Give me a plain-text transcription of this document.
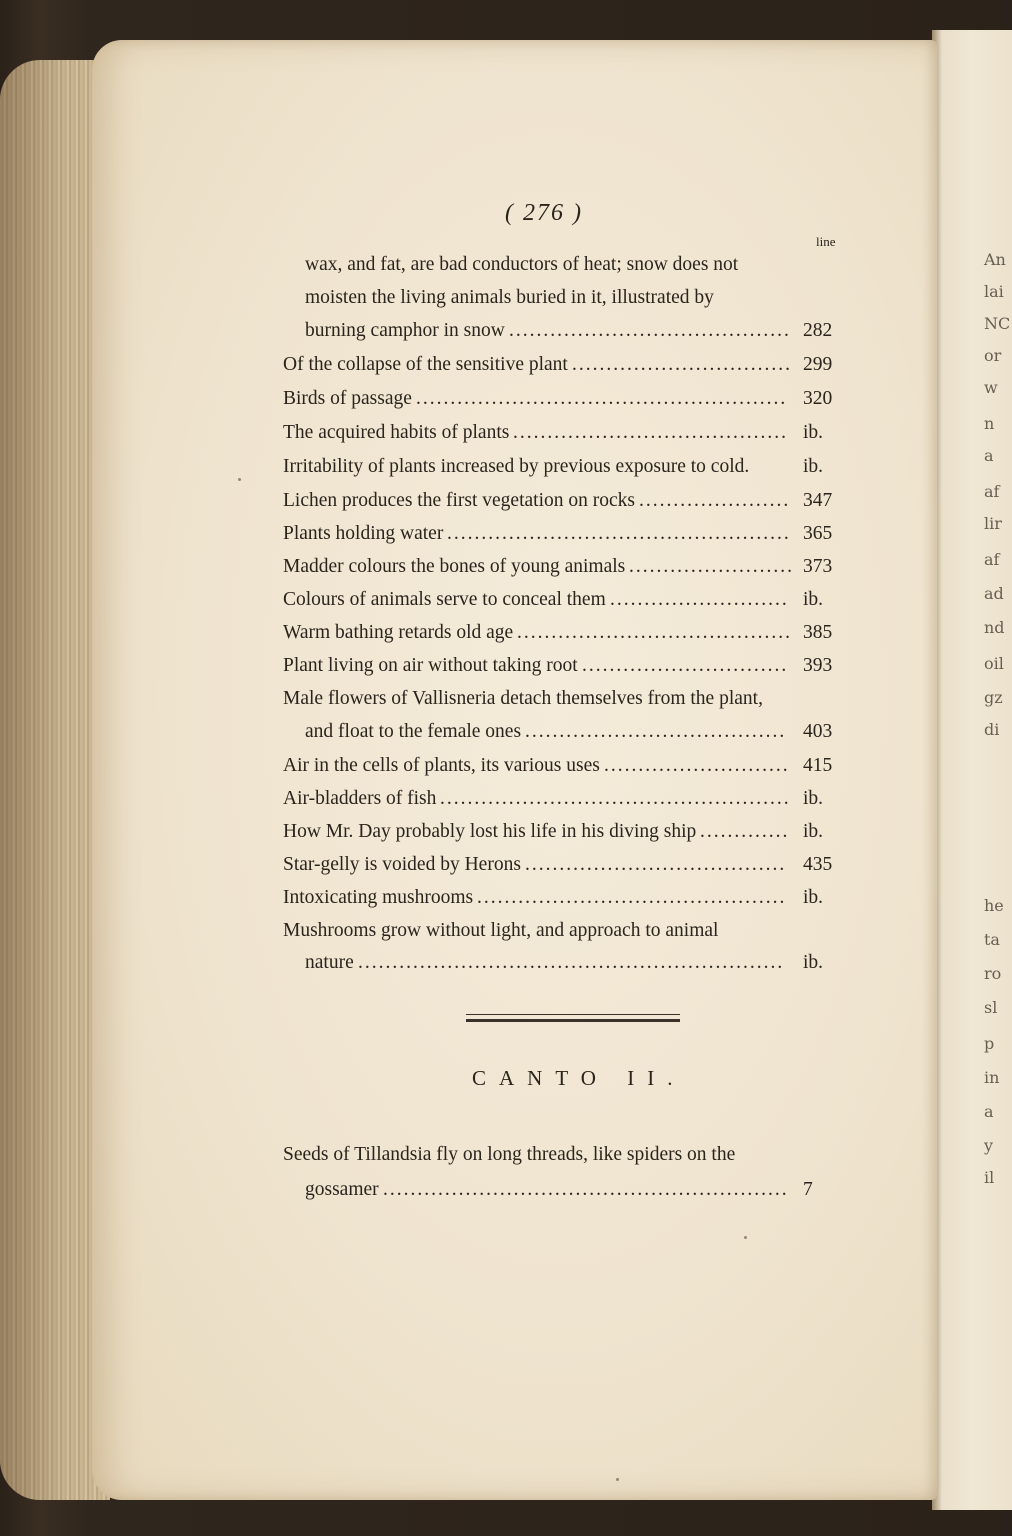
An
lai
NC
or
w
n
a
af
lir
af
ad
nd
oil
gz
di
he
ta
ro
sl
p
in
a
y
il
( 276 )
line
wax, and fat, are bad conductors of heat; snow does not
moisten the living animals buried in it, illustrated by
burning camphor in snow ......................................... 282
Of the collapse of the sensitive plant ................................ 299
Birds of passage ...................................................... 320
The acquired habits of plants ........................................ ib.
Irritability of plants increased by previous exposure to cold.	ib.
Lichen produces the first vegetation on rocks ...................... 347
Plants holding water .................................................. 365
Madder colours the bones of young animals ........................ 373
Colours of animals serve to conceal them .......................... ib.
Warm bathing retards old age ........................................ 385
Plant living on air without taking root .............................. 393
Male flowers of Vallisneria detach themselves from the plant,
and float to the female ones ...................................... 403
Air in the cells of plants, its various uses ........................... 415
Air-bladders of fish ................................................... ib.
How Mr. Day probably lost his life in his diving ship ............. ib.
Star-gelly is voided by Herons ...................................... 435
Intoxicating mushrooms ............................................. ib.
Mushrooms grow without light, and approach to animal
nature .............................................................. ib.
CANTO II.
Seeds of Tillandsia fly on long threads, like spiders on the
gossamer ........................................................... 7
